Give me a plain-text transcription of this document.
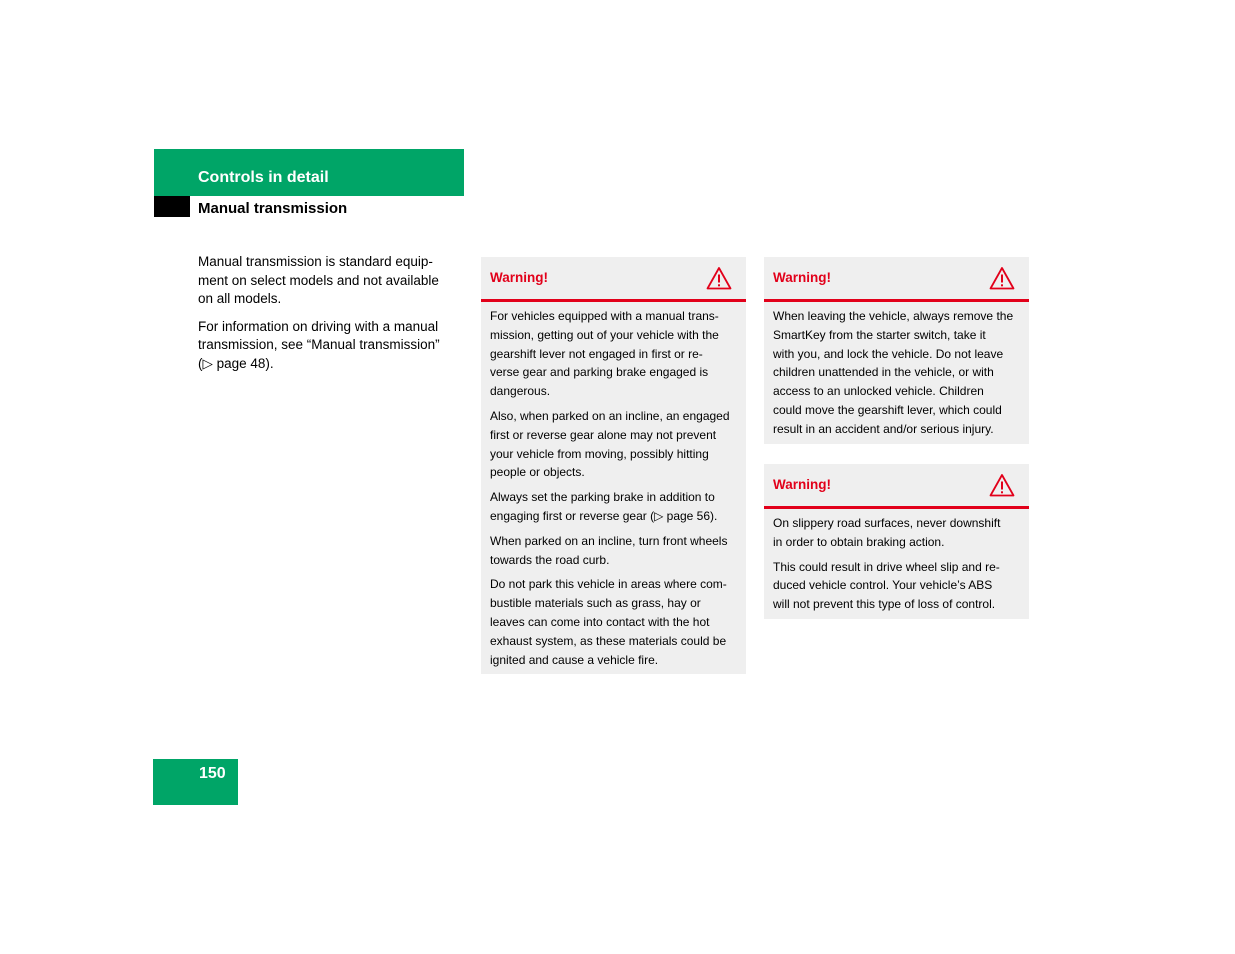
Controls in detail
Manual transmission

Manual transmission is standard equip-
ment on select models and not available
on all models.

For information on driving with a manual
transmission, see “Manual transmission”
(▷ page 48).

Warning!

For vehicles equipped with a manual trans-
mission, getting out of your vehicle with the
gearshift lever not engaged in first or re-
verse gear and parking brake engaged is
dangerous.

Also, when parked on an incline, an engaged
first or reverse gear alone may not prevent
your vehicle from moving, possibly hitting
people or objects.

Always set the parking brake in addition to
engaging first or reverse gear (▷ page 56).

When parked on an incline, turn front wheels
towards the road curb.

Do not park this vehicle in areas where com-
bustible materials such as grass, hay or
leaves can come into contact with the hot
exhaust system, as these materials could be
ignited and cause a vehicle fire.

Warning!

When leaving the vehicle, always remove the
SmartKey from the starter switch, take it
with you, and lock the vehicle. Do not leave
children unattended in the vehicle, or with
access to an unlocked vehicle. Children
could move the gearshift lever, which could
result in an accident and/or serious injury.

Warning!

On slippery road surfaces, never downshift
in order to obtain braking action.

This could result in drive wheel slip and re-
duced vehicle control. Your vehicle’s ABS
will not prevent this type of loss of control.

150
